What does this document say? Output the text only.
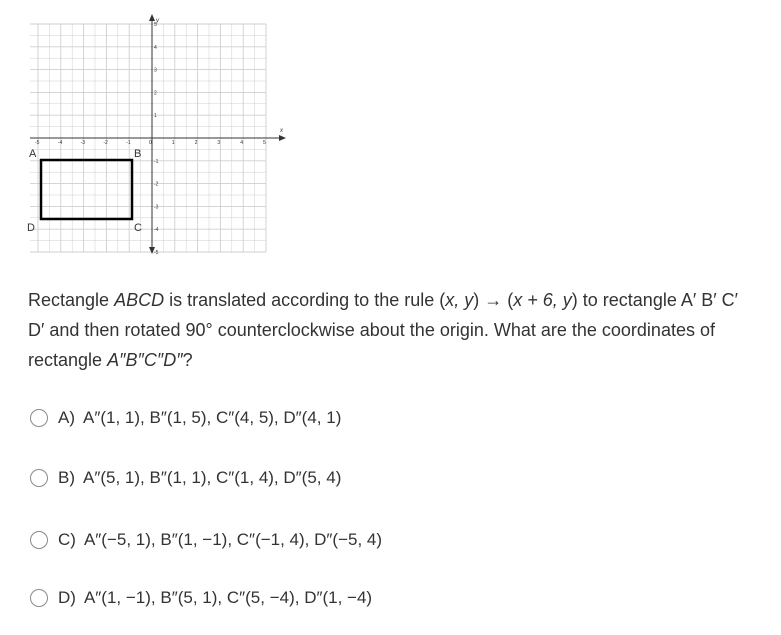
y
x
-5	-4	-3	-2	-1	0	1	2	3	4	5
5
4
3
2
1
-1
-2
-3
-4
-5
A	B
C
D
Rectangle ABCD is translated according to the rule (x, y) → (x + 6, y) to rectangle A′ B′ C′ D′ and then rotated 90° counterclockwise about the origin. What are the coordinates of rectangle A″B″C″D″?
A) A″(1, 1), B″(1, 5), C″(4, 5), D″(4, 1)
B) A″(5, 1), B″(1, 1), C″(1, 4), D″(5, 4)
C) A″(−5, 1), B″(1, −1), C″(−1, 4), D″(−5, 4)
D) A″(1, −1), B″(5, 1), C″(5, −4), D″(1, −4)
